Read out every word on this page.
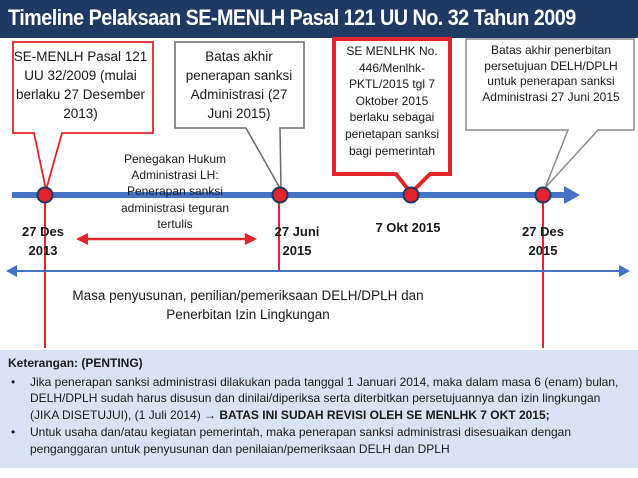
Timeline Pelaksaan SE-MENLH Pasal 121 UU No. 32 Tahun 2009
SE-MENLH Pasal 121 UU 32/2009 (mulai berlaku 27 Desember 2013)
Batas akhir penerapan sanksi Administrasi (27 Juni 2015)
SE MENLHK No. 446/Menlhk-PKTL/2015 tgl 7 Oktober 2015 berlaku sebagai penetapan sanksi bagi pemerintah
Batas akhir penerbitan persetujuan DELH/DPLH untuk penerapan sanksi Administrasi 27 Juni 2015
Penegakan Hukum Administrasi LH: Penerapan sanksi administrasi teguran tertulis
27 Des 2013
27 Juni 2015
7 Okt 2015	27 Des 2015
Masa penyusunan, penilian/pemeriksaan DELH/DPLH dan Penerbitan Izin Lingkungan
Keterangan: (PENTING)
• Jika penerapan sanksi administrasi dilakukan pada tanggal 1 Januari 2014, maka dalam masa 6 (enam) bulan, DELH/DPLH sudah harus disusun dan dinilai/diperiksa serta diterbitkan persetujuannya dan izin lingkungan (JIKA DISETUJUI), (1 Juli 2014) → BATAS INI SUDAH REVISI OLEH SE MENLHK 7 OKT 2015;
• Untuk usaha dan/atau kegiatan pemerintah, maka penerapan sanksi administrasi disesuaikan dengan penganggaran untuk penyusunan dan penilaian/pemeriksaan DELH dan DPLH
